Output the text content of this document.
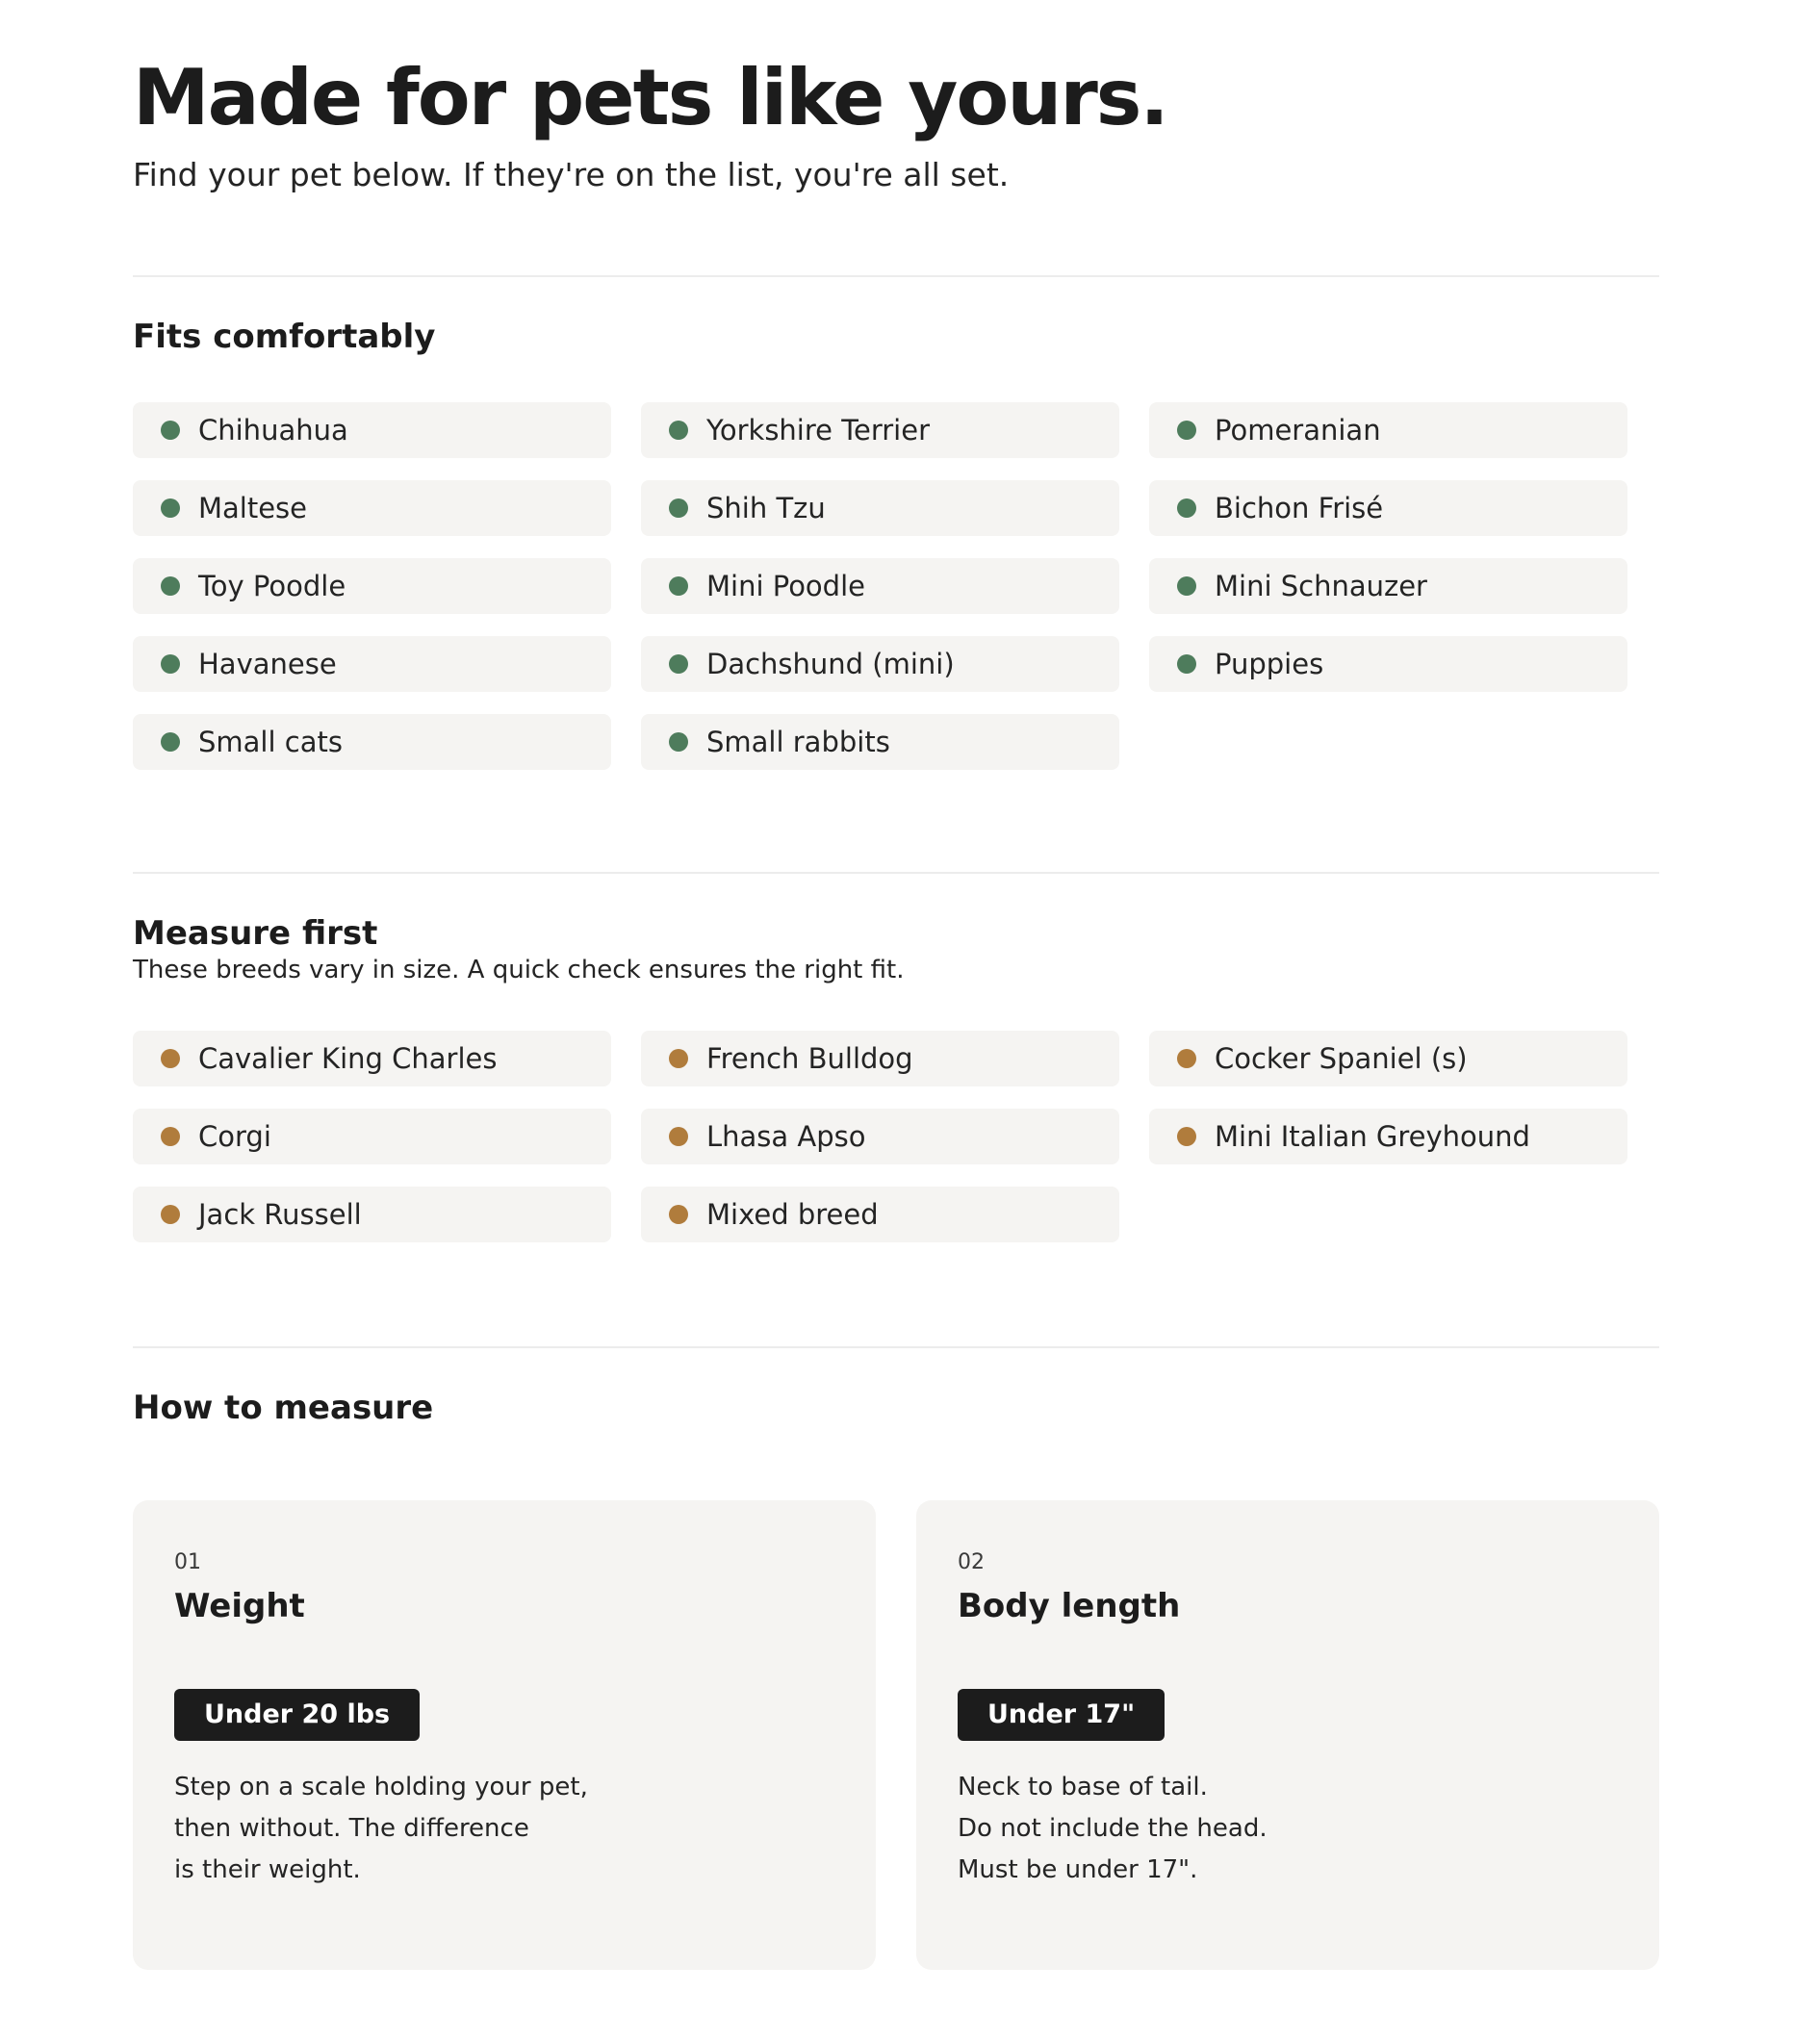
Made for pets like yours.

Find your pet below. If they're on the list, you're all set.

Fits comfortably
Chihuahua	Yorkshire Terrier	Pomeranian
Maltese	Shih Tzu	Bichon Frisé
Toy Poodle	Mini Poodle	Mini Schnauzer
Havanese	Dachshund (mini)	Puppies
Small cats	Small rabbits
Measure first

These breeds vary in size. A quick check ensures the right fit.

Cavalier King Charles	French Bulldog	Cocker Spaniel (s)
Corgi	Lhasa Apso	Mini Italian Greyhound
Jack Russell	Mixed breed
How to measure
01
Weight
Under 20 lbs
Step on a scale holding your pet,
then without. The difference
is their weight.
02
Body length
Under 17"
Neck to base of tail.
Do not include the head.
Must be under 17".
